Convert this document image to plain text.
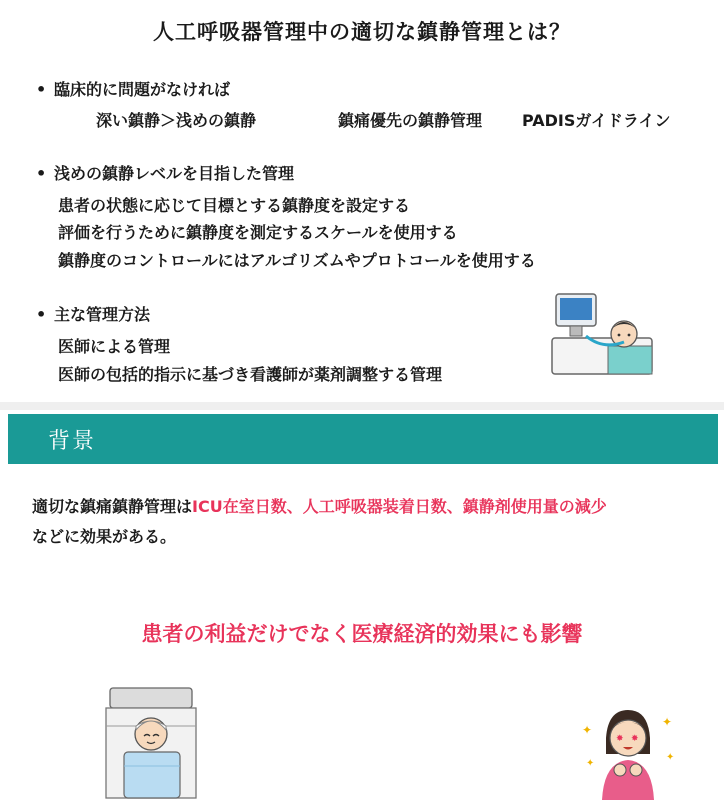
人工呼吸器管理中の適切な鎮静管理とは？
• 臨床的に問題がなければ
深い鎮静＞浅めの鎮静	鎮痛優先の鎮静管理 PADISガイドライン
• 浅めの鎮静レベルを目指した管理
患者の状態に応じて目標とする鎮静度を設定する
評価を行うために鎮静度を測定するスケールを使用する
鎮静度のコントロールにはアルゴリズムやプロトコールを使用する
• 主な管理方法
医師による管理
医師の包括的指示に基づき看護師が薬剤調整する管理
背景
適切な鎮痛鎮静管理はICU在室日数、人工呼吸器装着日数、鎮静剤使用量の減少
などに効果がある。
患者の利益だけでなく医療経済的効果にも影響
✦
✦
✦
✦
✸ ✸
